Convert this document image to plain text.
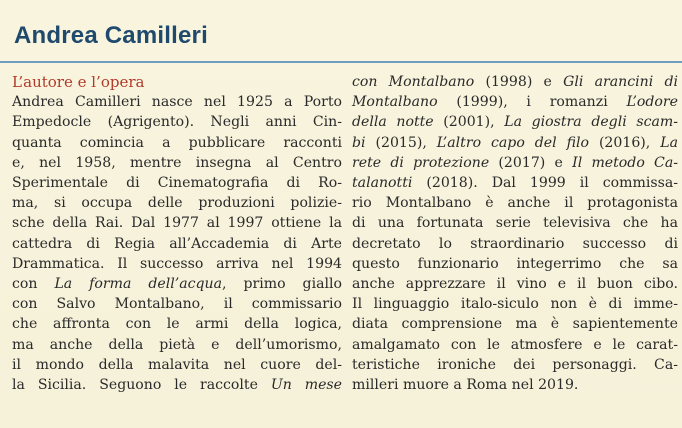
Andrea Camilleri
L’autore e l’opera
Andrea Camilleri nasce nel 1925 a Porto
Empedocle (Agrigento). Negli anni Cin-
quanta comincia a pubblicare racconti
e, nel 1958, mentre insegna al Centro
Sperimentale di Cinematografia di Ro-
ma, si occupa delle produzioni polizie-
sche della Rai. Dal 1977 al 1997 ottiene la
cattedra di Regia all’Accademia di Arte
Drammatica. Il successo arriva nel 1994
con La forma dell’acqua, primo giallo
con Salvo Montalbano, il commissario
che affronta con le armi della logica,
ma anche della pietà e dell’umorismo,
il mondo della malavita nel cuore del-
la Sicilia. Seguono le raccolte Un mese
con Montalbano (1998) e Gli arancini di
Montalbano (1999), i romanzi L’odore
della notte (2001), La giostra degli scam-
bi (2015), L’altro capo del filo (2016), La
rete di protezione (2017) e Il metodo Ca-
talanotti (2018). Dal 1999 il commissa-
rio Montalbano è anche il protagonista
di una fortunata serie televisiva che ha
decretato lo straordinario successo di
questo funzionario integerrimo che sa
anche apprezzare il vino e il buon cibo.
Il linguaggio italo-siculo non è di imme-
diata comprensione ma è sapientemente
amalgamato con le atmosfere e le carat-
teristiche ironiche dei personaggi. Ca-
milleri muore a Roma nel 2019.
